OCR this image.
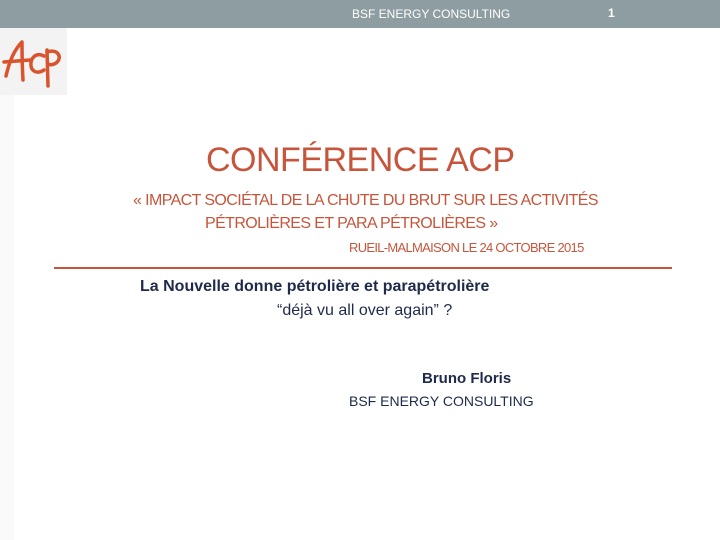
BSF ENERGY CONSULTING	1
CONFÉRENCE ACP
« IMPACT SOCIÉTAL DE LA CHUTE DU BRUT SUR LES ACTIVITÉS
PÉTROLIÈRES ET PARA PÉTROLIÈRES »
RUEIL-MALMAISON LE 24 OCTOBRE 2015
La Nouvelle donne pétrolière et parapétrolière
“déjà vu all over again” ?
Bruno Floris
BSF ENERGY CONSULTING
